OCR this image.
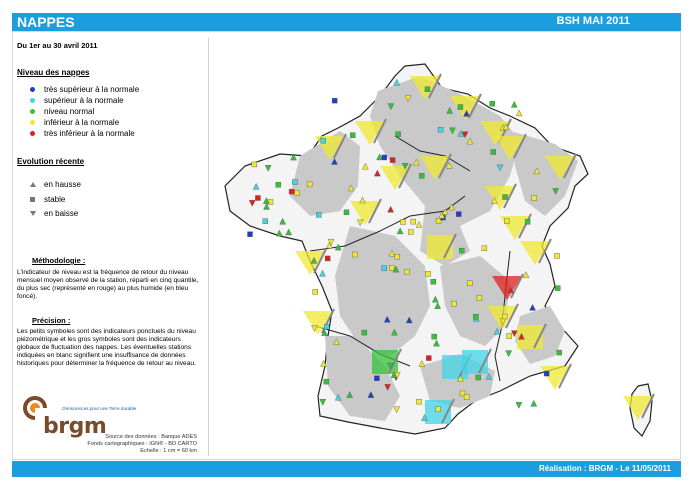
NAPPES	BSH MAI 2011
Du 1er au 30 avril 2011
Niveau des nappes
très supérieur à la normale
supérieur à la normale
niveau normal
inférieur à la normale
très inférieur à la normale
Evolution récente
en hausse
stable
en baisse
Méthodologie :
L'indicateur de niveau est la fréquence de retour du niveau mensuel moyen observé de la station, réparti en cinq quantile, du plus sec (représenté en rouge) au plus humide (en bleu foncé).
Précision :
Les petits symboles sont des indicateurs ponctuels du niveau piézométrique et les gros symboles sont des indicateurs globaux de fluctuation des nappes. Les éventuelles stations indiquées en blanc signifient une insuffisance de données historiques pour déterminer la fréquence de retour au niveau.
Géosciences pour une Terre durable
brgm
Source des données : Banque ADES
Fonds cartographiques : IGN® - BD CARTO
Echelle : 1 cm = 60 km
Réalisation : BRGM - Le 11/05/2011
